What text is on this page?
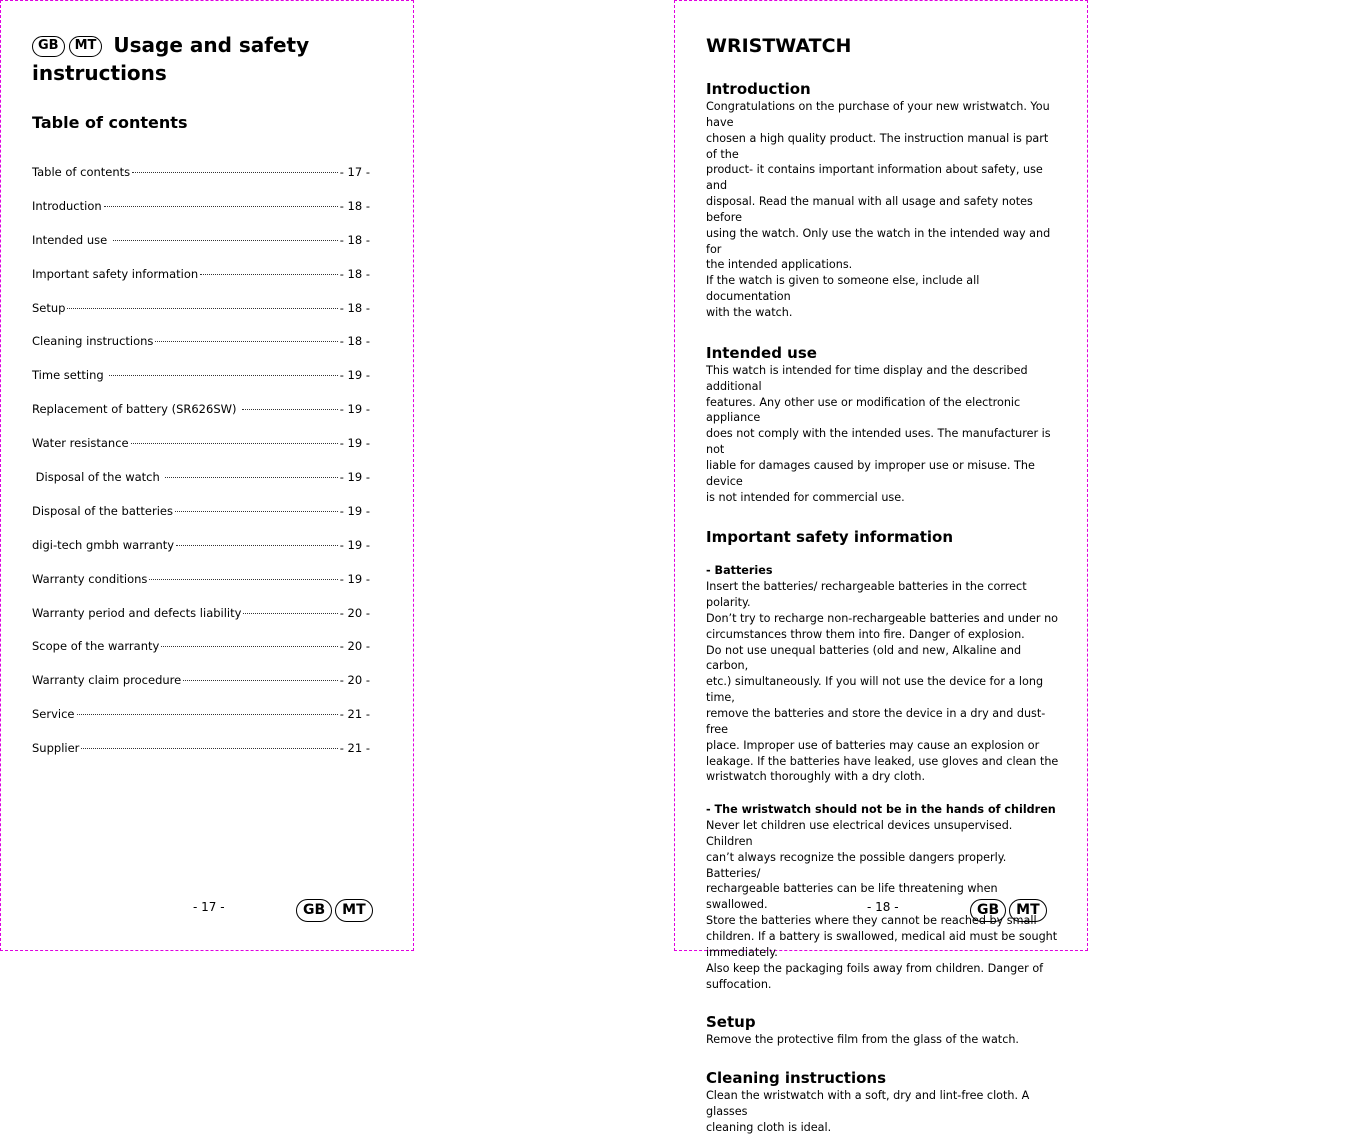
GB MT Usage and safety instructions
Table of contents
Table of contents	- 17 -
Introduction	- 18 -
Intended use	- 18 -
Important safety information	- 18 -
Setup	- 18 -
Cleaning instructions	- 18 -
Time setting	- 19 -
Replacement of battery (SR626SW)	- 19 -
Water resistance	- 19 -
Disposal of the watch	- 19 -
Disposal of the batteries	- 19 -
digi-tech gmbh warranty	- 19 -
Warranty conditions	- 19 -
Warranty period and defects liability	- 20 -
Scope of the warranty	- 20 -
Warranty claim procedure	- 20 -
Service	- 21 -
Supplier	- 21 -
- 17 -	GB MT
WRISTWATCH
Introduction

Congratulations on the purchase of your new wristwatch. You have
chosen a high quality product. The instruction manual is part of the
product- it contains important information about safety, use and
disposal. Read the manual with all usage and safety notes before
using the watch. Only use the watch in the intended way and for
the intended applications.
If the watch is given to someone else, include all documentation
with the watch.

Intended use

This watch is intended for time display and the described additional
features. Any other use or modification of the electronic appliance
does not comply with the intended uses. The manufacturer is not
liable for damages caused by improper use or misuse. The device
is not intended for commercial use.

Important safety information

- Batteries

Insert the batteries/ rechargeable batteries in the correct polarity.
Don’t try to recharge non-rechargeable batteries and under no
circumstances throw them into fire. Danger of explosion.
Do not use unequal batteries (old and new, Alkaline and carbon,
etc.) simultaneously. If you will not use the device for a long time,
remove the batteries and store the device in a dry and dust-free
place. Improper use of batteries may cause an explosion or
leakage. If the batteries have leaked, use gloves and clean the
wristwatch thoroughly with a dry cloth.

- The wristwatch should not be in the hands of children

Never let children use electrical devices unsupervised. Children
can’t always recognize the possible dangers properly. Batteries/
rechargeable batteries can be life threatening when swallowed.
Store the batteries where they cannot be reached by small
children. If a battery is swallowed, medical aid must be sought
immediately.
Also keep the packaging foils away from children. Danger of
suffocation.

Setup

Remove the protective film from the glass of the watch.

Cleaning instructions

Clean the wristwatch with a soft, dry and lint-free cloth. A glasses
cleaning cloth is ideal.

- 18 -	GB MT
